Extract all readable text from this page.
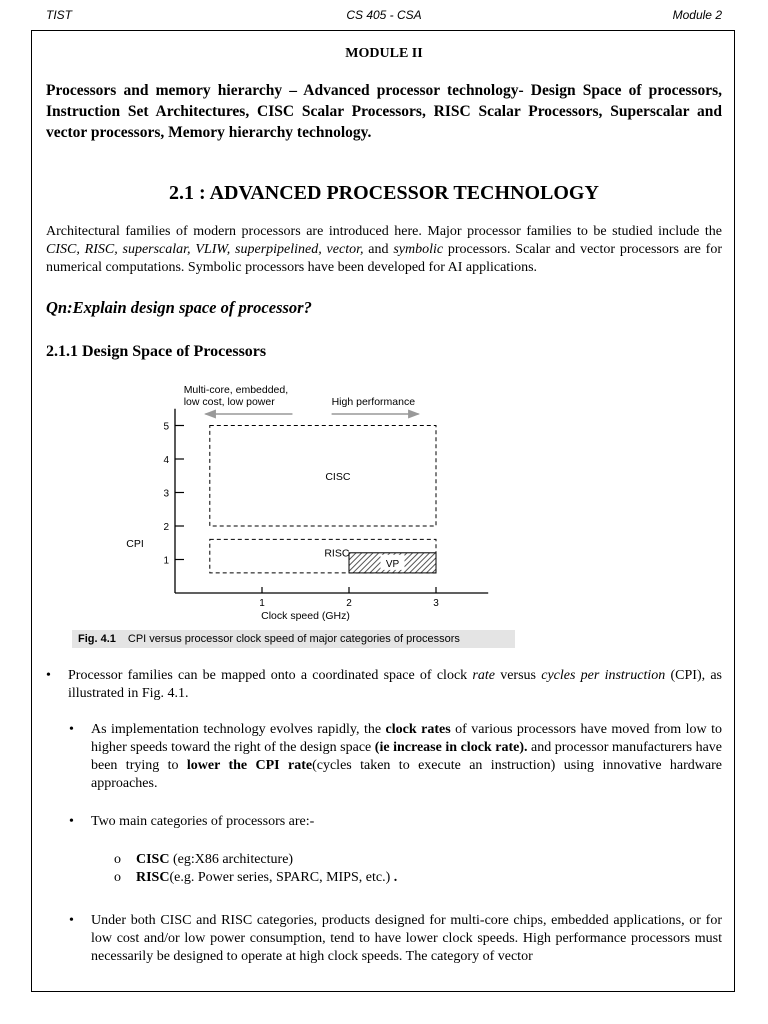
TIST	CS 405 - CSA	Module 2
MODULE II
Processors and memory hierarchy – Advanced processor technology- Design Space of processors, Instruction Set Architectures, CISC Scalar Processors, RISC Scalar Processors, Superscalar and vector processors, Memory hierarchy technology.
2.1 : ADVANCED PROCESSOR TECHNOLOGY
Architectural families of modern processors are introduced here. Major processor families to be studied include the CISC, RISC, superscalar, VLIW, superpipelined, vector, and symbolic processors. Scalar and vector processors are for numerical computations. Symbolic processors have been developed for AI applications.
Qn:Explain design space of processor?
2.1.1 Design Space of Processors
1
2
3
4
5
1	2	3
Clock speed (GHz)
CPI
CISC
RISC
VP
Multi-core, embedded,
low cost, low power	High performance
Fig. 4.1 CPI versus processor clock speed of major categories of processors
• Processor families can be mapped onto a coordinated space of clock rate versus cycles per instruction (CPI), as illustrated in Fig. 4.1.
• As implementation technology evolves rapidly, the clock rates of various processors have moved from low to higher speeds toward the right of the design space (ie increase in clock rate). and processor manufacturers have been trying to lower the CPI rate(cycles taken to execute an instruction) using innovative hardware approaches.
• Two main categories of processors are:-
o CISC (eg:X86 architecture)
o RISC(e.g. Power series, SPARC, MIPS, etc.) .
• Under both CISC and RISC categories, products designed for multi-core chips, embedded applications, or for low cost and/or low power consumption, tend to have lower clock speeds. High performance processors must necessarily be designed to operate at high clock speeds. The category of vector
